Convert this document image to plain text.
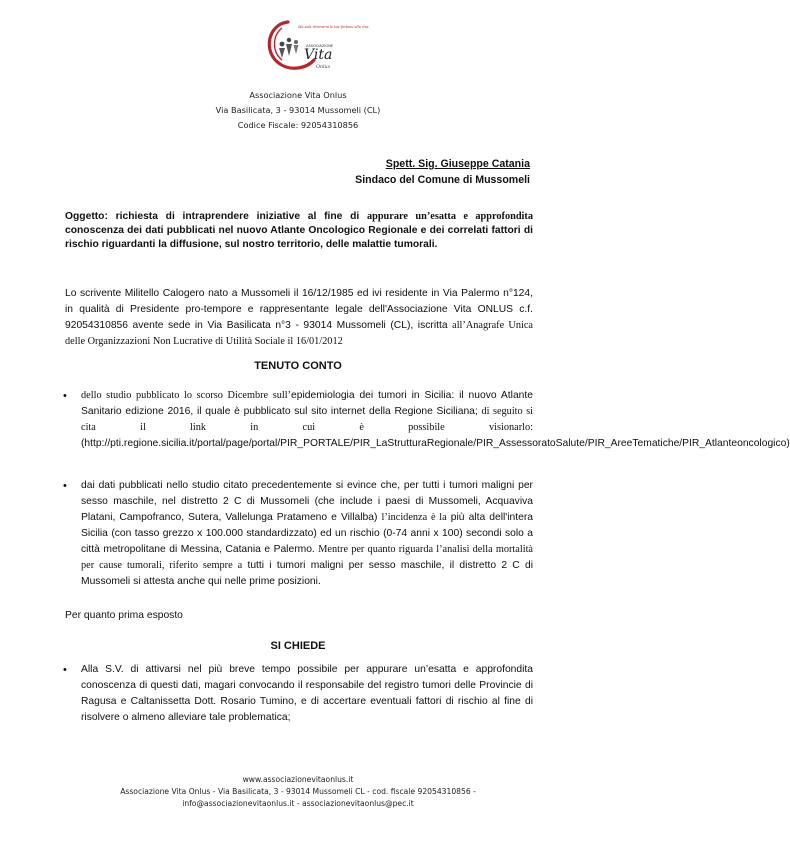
Ma sola ritrovarai le tue fortune alla riva
ASSOCIAZIONE
Vita
Onlus
Associazione Vita Onlus
Via Basilicata, 3 - 93014 Mussomeli (CL)
Codice Fiscale: 92054310856
Spett. Sig. Giuseppe Catania
Sindaco del Comune di Mussomeli
Oggetto: richiesta di intraprendere iniziative al fine di appurare un’esatta e approfondita conoscenza dei dati pubblicati nel nuovo Atlante Oncologico Regionale e dei correlati fattori di rischio riguardanti la diffusione, sul nostro territorio, delle malattie tumorali.
Lo scrivente Militello Calogero nato a Mussomeli il 16/12/1985 ed ivi residente in Via Palermo n°124, in qualità di Presidente pro-tempore e rappresentante legale dell'Associazione Vita ONLUS c.f. 92054310856 avente sede in Via Basilicata n°3 - 93014 Mussomeli (CL), iscritta all’Anagrafe Unica delle Organizzazioni Non Lucrative di Utilità Sociale il 16/01/2012
TENUTO CONTO
• dello studio pubblicato lo scorso Dicembre sull’epidemiologia dei tumori in Sicilia: il nuovo Atlante Sanitario edizione 2016, il quale è pubblicato sul sito internet della Regione Siciliana; di seguito si cita il link in cui è possibile visionarlo: (http://pti.regione.sicilia.it/portal/page/portal/PIR_PORTALE/PIR_LaStrutturaRegionale/PIR_AssessoratoSalute/PIR_AreeTematiche/PIR_Atlanteoncologico)
• dai dati pubblicati nello studio citato precedentemente si evince che, per tutti i tumori maligni per sesso maschile, nel distretto 2 C di Mussomeli (che include i paesi di Mussomeli, Acquaviva Platani, Campofranco, Sutera, Vallelunga Pratameno e Villalba) l’incidenza è la più alta dell'intera Sicilia (con tasso grezzo x 100.000 standardizzato) ed un rischio (0-74 anni x 100) secondi solo a città metropolitane di Messina, Catania e Palermo. Mentre per quanto riguarda l’analisi della mortalità per cause tumorali, riferito sempre a tutti i tumori maligni per sesso maschile, il distretto 2 C di Mussomeli si attesta anche qui nelle prime posizioni.
Per quanto prima esposto
SI CHIEDE
• Alla S.V. di attivarsi nel più breve tempo possibile per appurare un’esatta e approfondita conoscenza di questi dati, magari convocando il responsabile del registro tumori delle Provincie di Ragusa e Caltanissetta Dott. Rosario Tumino, e di accertare eventuali fattori di rischio al fine di risolvere o almeno alleviare tale problematica;
www.associazionevitaonlus.it
Associazione Vita Onlus - Via Basilicata, 3 - 93014 Mussomeli CL - cod. fiscale 92054310856 -
info@associazionevitaonlus.it - associazionevitaonlus@pec.it
